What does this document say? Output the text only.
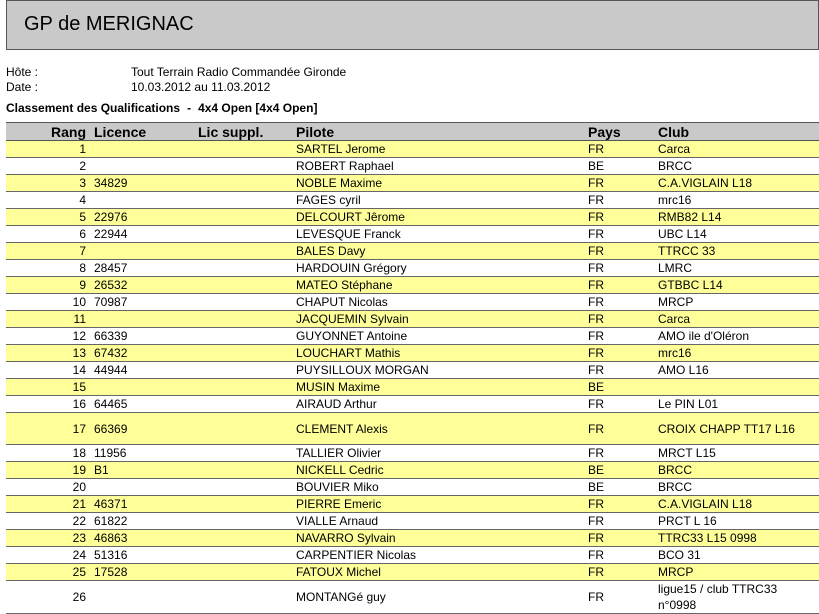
GP de MERIGNAC
Hôte :	Tout Terrain Radio Commandée Gironde
Date :	10.03.2012 au 11.03.2012
Classement des Qualifications - 4x4 Open [4x4 Open]
Rang	Licence	Lic suppl.	Pilote	Pays	Club
1			SARTEL Jerome	FR	Carca
2			ROBERT Raphael	BE	BRCC
3	34829		NOBLE Maxime	FR	C.A.VIGLAIN L18
4			FAGES cyril	FR	mrc16
5	22976		DELCOURT Jêrome	FR	RMB82 L14
6	22944		LEVESQUE Franck	FR	UBC L14
7			BALES Davy	FR	TTRCC 33
8	28457		HARDOUIN Grégory	FR	LMRC
9	26532		MATEO Stéphane	FR	GTBBC L14
10	70987		CHAPUT Nicolas	FR	MRCP
11			JACQUEMIN Sylvain	FR	Carca
12	66339		GUYONNET Antoine	FR	AMO ile d'Oléron
13	67432		LOUCHART Mathis	FR	mrc16
14	44944		PUYSILLOUX MORGAN	FR	AMO L16
15			MUSIN Maxime	BE	
16	64465		AIRAUD Arthur	FR	Le PIN L01
17	66369		CLEMENT Alexis	FR	CROIX CHAPP TT17 L16

18	11956		TALLIER Olivier	FR	MRCT L15
19	B1		NICKELL Cedric	BE	BRCC
20			BOUVIER Miko	BE	BRCC
21	46371		PIERRE Emeric	FR	C.A.VIGLAIN L18
22	61822		VIALLE Arnaud	FR	PRCT L 16
23	46863		NAVARRO Sylvain	FR	TTRC33 L15 0998
24	51316		CARPENTIER Nicolas	FR	BCO 31
25	17528		FATOUX Michel	FR	MRCP
26			MONTANGé guy	FR	ligue15 / club TTRC33 n°0998
